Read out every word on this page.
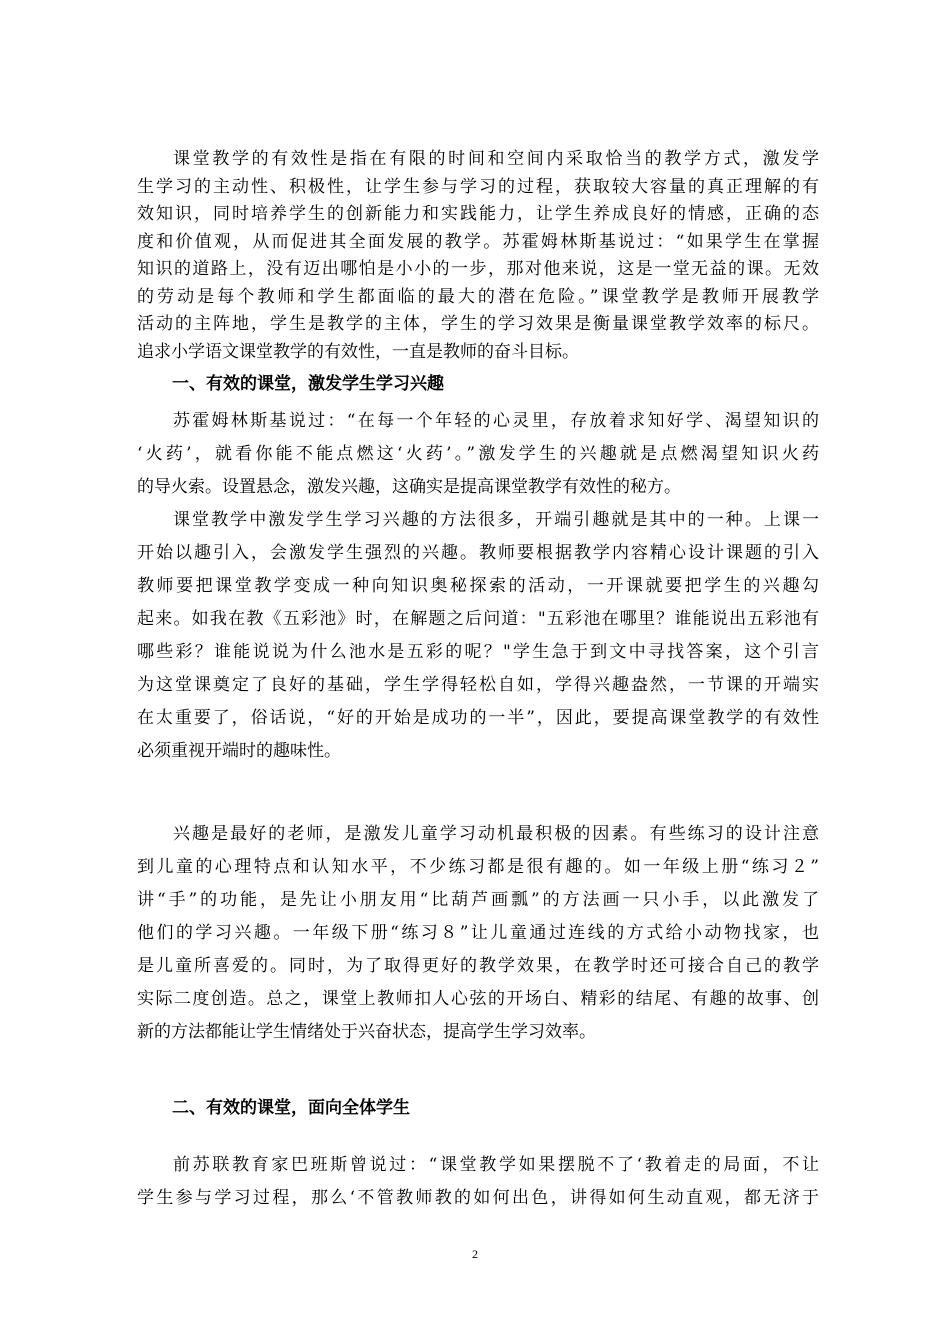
课堂教学的有效性是指在有限的时间和空间内采取恰当的教学方式，激发学
生学习的主动性、积极性，让学生参与学习的过程，获取较大容量的真正理解的有
效知识，同时培养学生的创新能力和实践能力，让学生养成良好的情感，正确的态
度和价值观，从而促进其全面发展的教学。苏霍姆林斯基说过：“如果学生在掌握
知识的道路上，没有迈出哪怕是小小的一步，那对他来说，这是一堂无益的课。无效
的劳动是每个教师和学生都面临的最大的潜在危险。”课堂教学是教师开展教学
活动的主阵地，学生是教学的主体，学生的学习效果是衡量课堂教学效率的标尺。
追求小学语文课堂教学的有效性，一直是教师的奋斗目标。
一、有效的课堂，激发学生学习兴趣
苏霍姆林斯基说过：“在每一个年轻的心灵里，存放着求知好学、渴望知识的
‘火药’，就看你能不能点燃这‘火药’。”激发学生的兴趣就是点燃渴望知识火药
的导火索。设置悬念，激发兴趣，这确实是提高课堂教学有效性的秘方。
课堂教学中激发学生学习兴趣的方法很多，开端引趣就是其中的一种。上课一
开始以趣引入，会激发学生强烈的兴趣。教师要根据教学内容精心设计课题的引入
教师要把课堂教学变成一种向知识奥秘探索的活动，一开课就要把学生的兴趣勾
起来。如我在教《五彩池》时，在解题之后问道："五彩池在哪里？谁能说出五彩池有
哪些彩？谁能说说为什么池水是五彩的呢？"学生急于到文中寻找答案，这个引言
为这堂课奠定了良好的基础，学生学得轻松自如，学得兴趣盎然，一节课的开端实
在太重要了，俗话说，“好的开始是成功的一半”，因此，要提高课堂教学的有效性
必须重视开端时的趣味性。
兴趣是最好的老师，是激发儿童学习动机最积极的因素。有些练习的设计注意
到儿童的心理特点和认知水平，不少练习都是很有趣的。如一年级上册“练习２”
讲“手”的功能，是先让小朋友用“比葫芦画瓢”的方法画一只小手，以此激发了
他们的学习兴趣。一年级下册“练习８”让儿童通过连线的方式给小动物找家，也
是儿童所喜爱的。同时，为了取得更好的教学效果，在教学时还可接合自己的教学
实际二度创造。总之，课堂上教师扣人心弦的开场白、精彩的结尾、有趣的故事、创
新的方法都能让学生情绪处于兴奋状态，提高学生学习效率。
二、有效的课堂，面向全体学生
前苏联教育家巴班斯曾说过：“课堂教学如果摆脱不了‘教着走的局面，不让
学生参与学习过程，那么‘不管教师教的如何出色，讲得如何生动直观，都无济于
2
